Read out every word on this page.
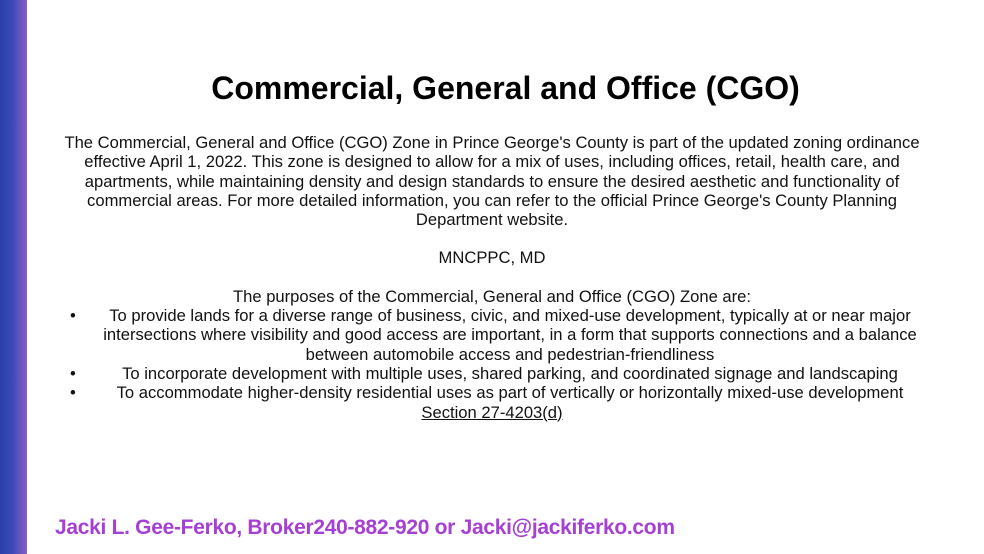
Commercial, General and Office (CGO)

The Commercial, General and Office (CGO) Zone in Prince George's County is part of the updated zoning ordinance effective April 1, 2022. This zone is designed to allow for a mix of uses, including offices, retail, health care, and apartments, while maintaining density and design standards to ensure the desired aesthetic and functionality of commercial areas. For more detailed information, you can refer to the official Prince George's County Planning Department website.

MNCPPC, MD

The purposes of the Commercial, General and Office (CGO) Zone are:

• To provide lands for a diverse range of business, civic, and mixed-use development, typically at or near major intersections where visibility and good access are important, in a form that supports connections and a balance between automobile access and pedestrian-friendliness
•	To incorporate development with multiple uses, shared parking, and coordinated signage and landscaping
• To accommodate higher-density residential uses as part of vertically or horizontally mixed-use development

Section 27-4203(d)

Jacki L. Gee-Ferko, Broker240-882-920 or Jacki@jackiferko.com
